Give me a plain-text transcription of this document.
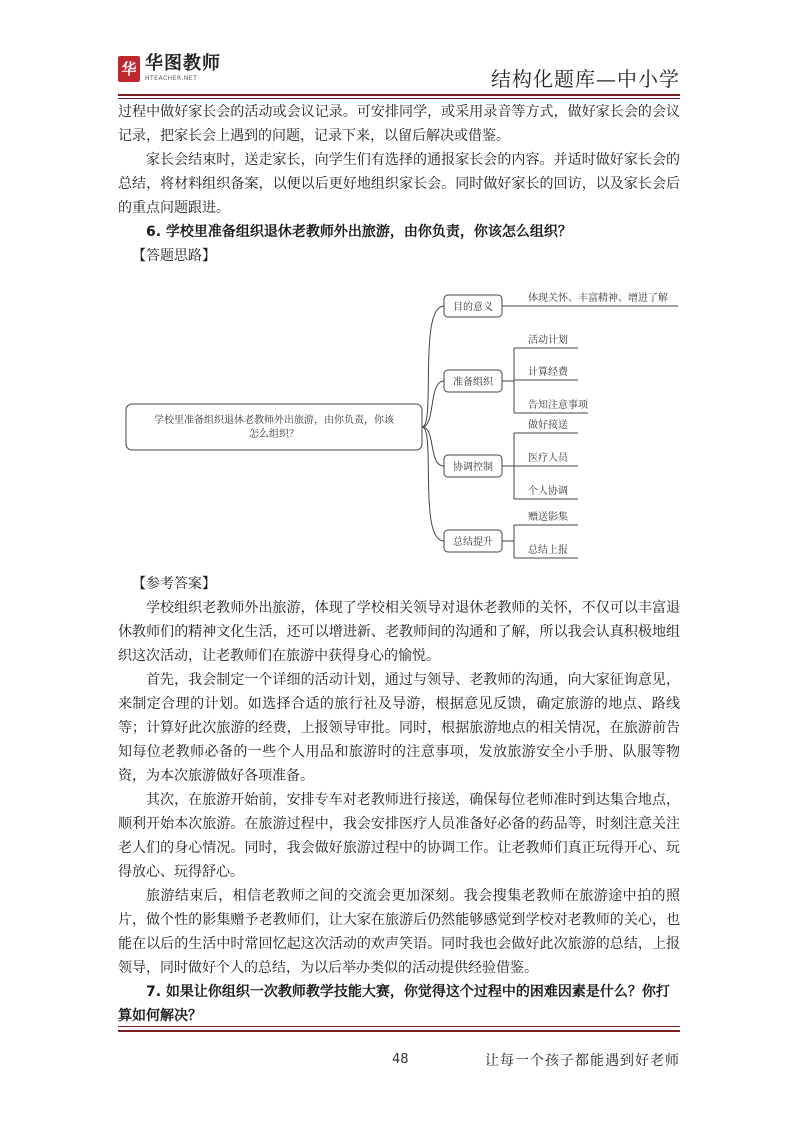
华 华图教师
HTEACHER.NET	结构化题库—中小学

过程中做好家长会的活动或会议记录。可安排同学，或采用录音等方式，做好家长会的会议记录，把家长会上遇到的问题，记录下来，以留后解决或借鉴。

家长会结束时，送走家长，向学生们有选择的通报家长会的内容。并适时做好家长会的总结，将材料组织备案，以便以后更好地组织家长会。同时做好家长的回访，以及家长会后的重点问题跟进。

6. 学校里准备组织退休老教师外出旅游，由你负责，你该怎么组织？

【答题思路】

学校里准备组织退休老教师外出旅游，由你负责，你该
怎么组织？
目的意义
准备组织
协调控制
总结提升
体现关怀、丰富精神、增进了解
活动计划
计算经费
告知注意事项
做好接送
医疗人员
个人协调
赠送影集
总结上报

【参考答案】

学校组织老教师外出旅游，体现了学校相关领导对退休老教师的关怀，不仅可以丰富退休教师们的精神文化生活，还可以增进新、老教师间的沟通和了解，所以我会认真积极地组织这次活动，让老教师们在旅游中获得身心的愉悦。

首先，我会制定一个详细的活动计划，通过与领导、老教师的沟通，向大家征询意见，来制定合理的计划。如选择合适的旅行社及导游，根据意见反馈，确定旅游的地点、路线等；计算好此次旅游的经费，上报领导审批。同时，根据旅游地点的相关情况，在旅游前告知每位老教师必备的一些个人用品和旅游时的注意事项，发放旅游安全小手册、队服等物资，为本次旅游做好各项准备。

其次，在旅游开始前，安排专车对老教师进行接送，确保每位老师准时到达集合地点，顺利开始本次旅游。在旅游过程中，我会安排医疗人员准备好必备的药品等，时刻注意关注老人们的身心情况。同时，我会做好旅游过程中的协调工作。让老教师们真正玩得开心、玩得放心、玩得舒心。

旅游结束后，相信老教师之间的交流会更加深刻。我会搜集老教师在旅游途中拍的照片，做个性的影集赠予老教师们，让大家在旅游后仍然能够感觉到学校对老教师的关心，也能在以后的生活中时常回忆起这次活动的欢声笑语。同时我也会做好此次旅游的总结，上报领导，同时做好个人的总结，为以后举办类似的活动提供经验借鉴。

7. 如果让你组织一次教师教学技能大赛，你觉得这个过程中的困难因素是什么？你打算如何解决？
48	让每一个孩子都能遇到好老师
